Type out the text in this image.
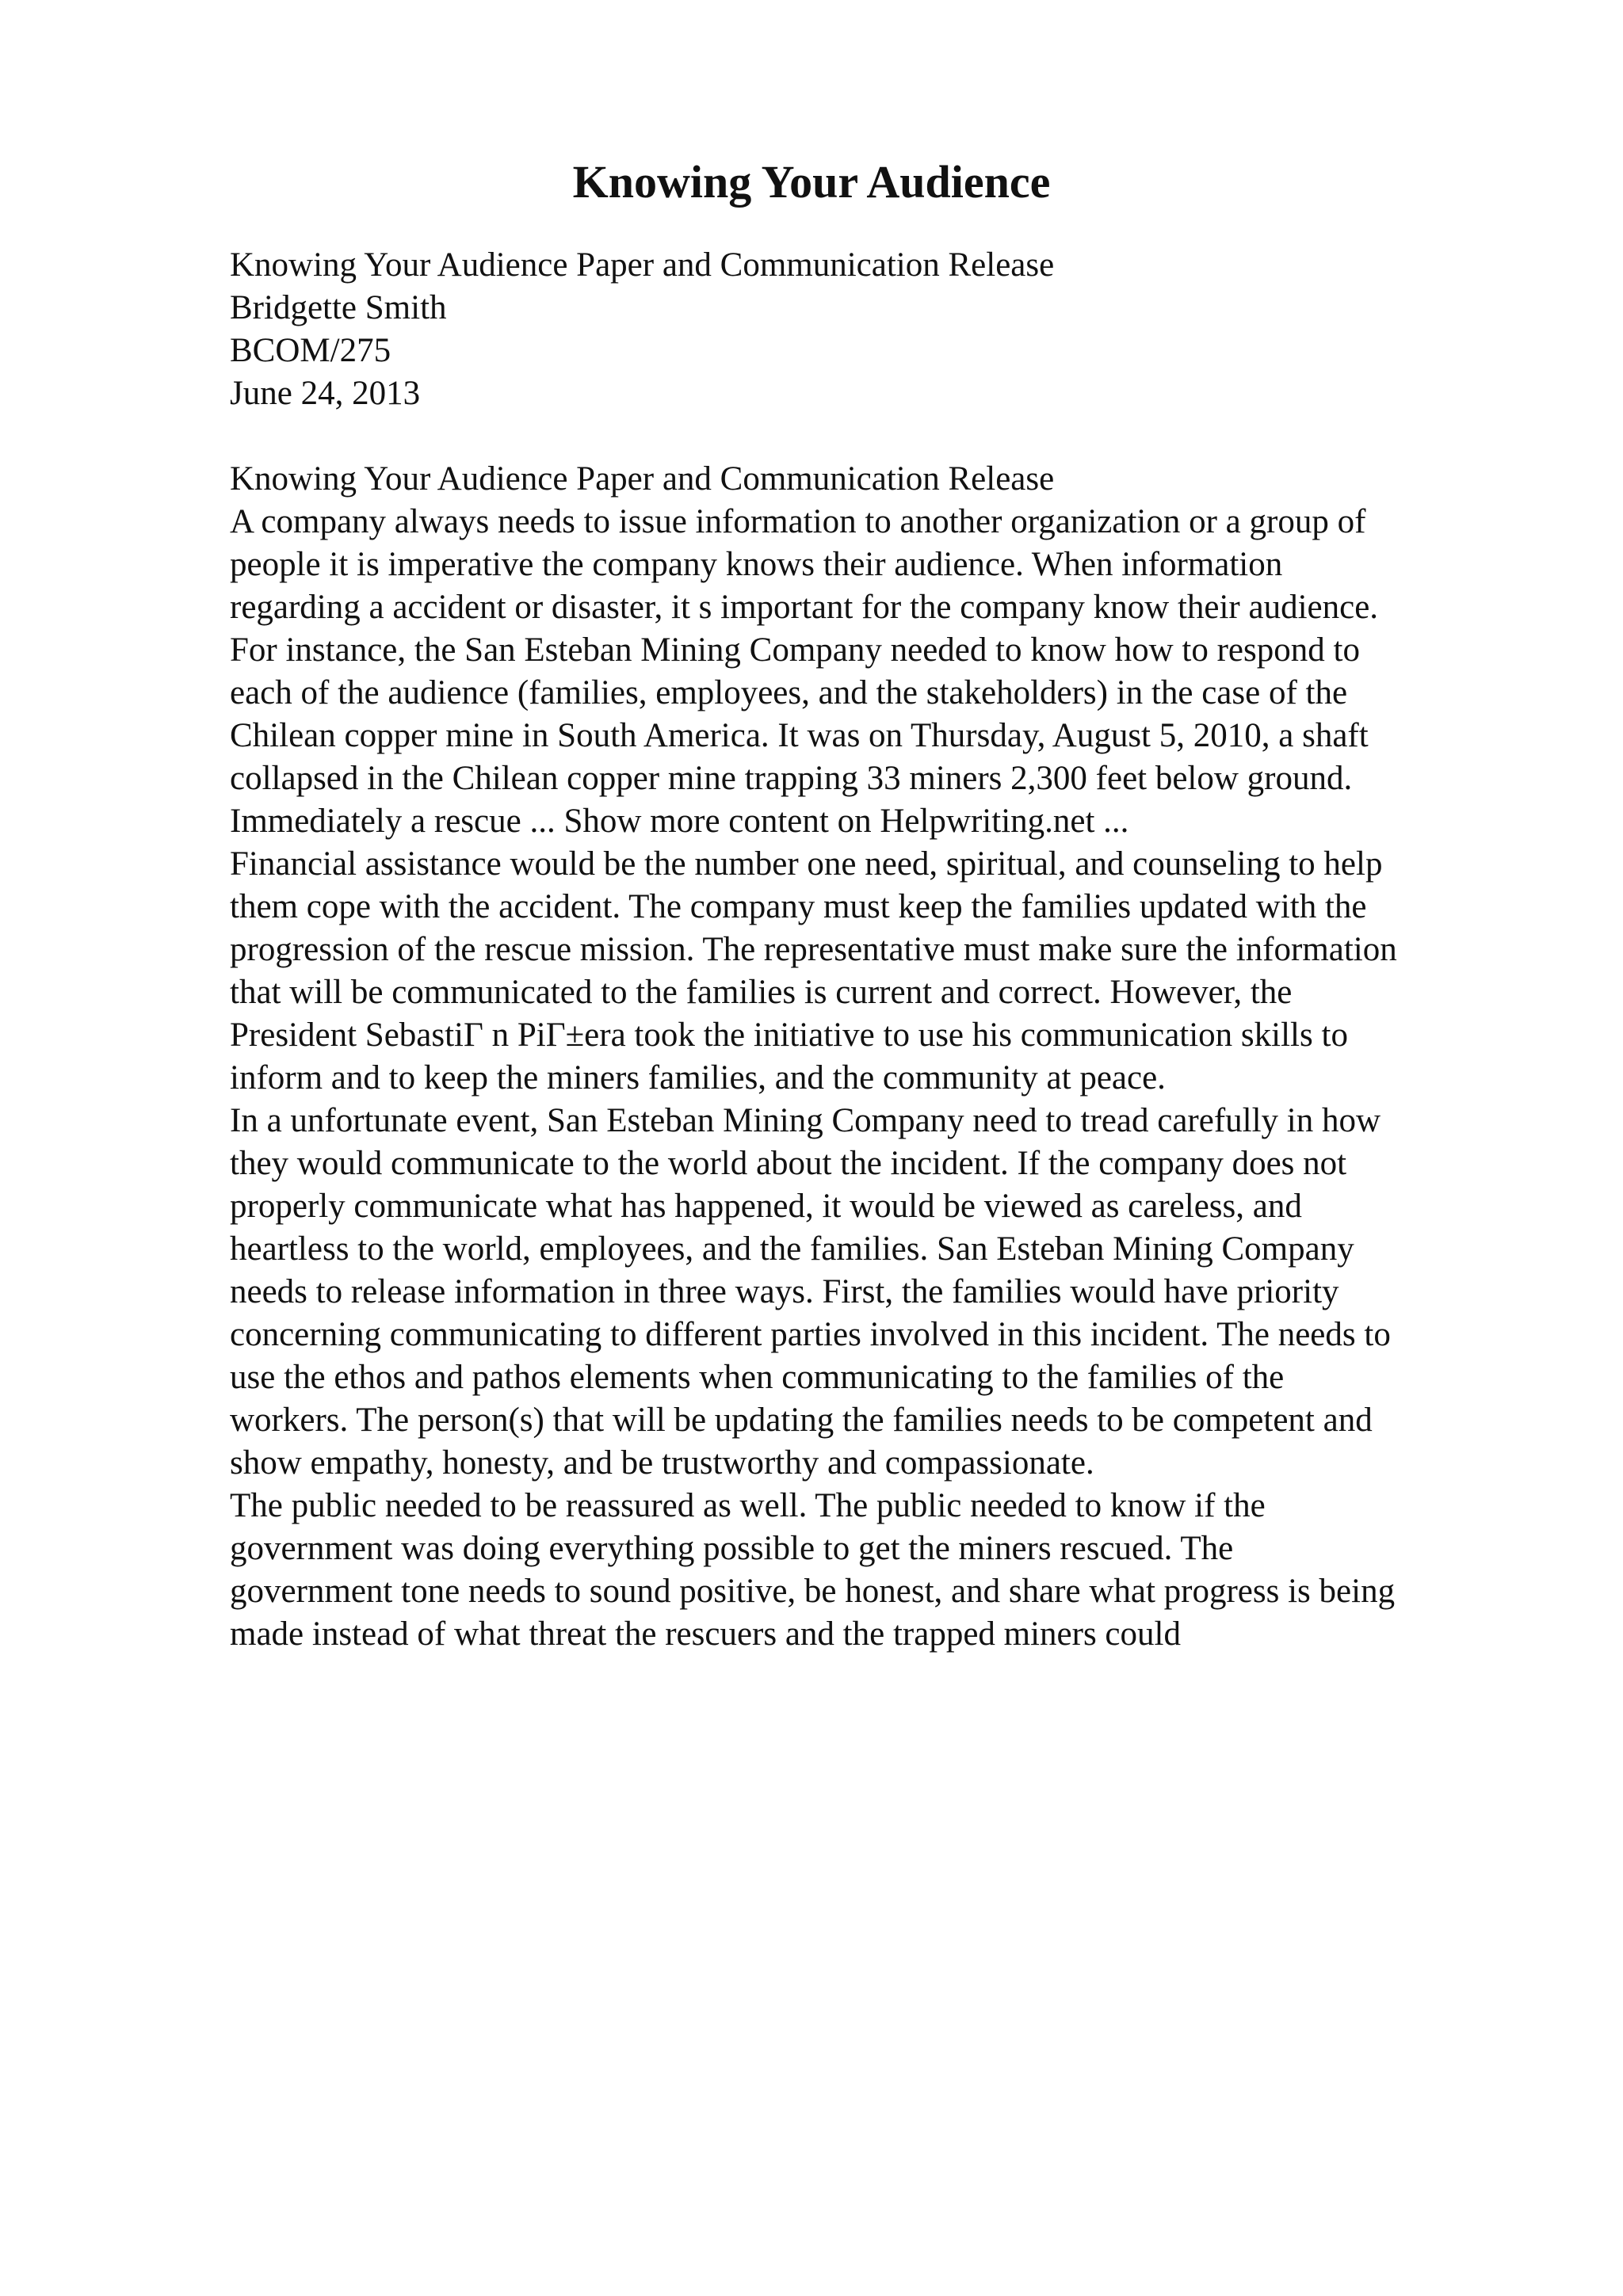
Knowing Your Audience
Knowing Your Audience Paper and Communication Release
Bridgette Smith
BCOM/275
June 24, 2013
Knowing Your Audience Paper and Communication Release
A company always needs to issue information to another organization or a group of
people it is imperative the company knows their audience. When information
regarding a accident or disaster, it s important for the company know their audience.
For instance, the San Esteban Mining Company needed to know how to respond to
each of the audience (families, employees, and the stakeholders) in the case of the
Chilean copper mine in South America. It was on Thursday, August 5, 2010, a shaft
collapsed in the Chilean copper mine trapping 33 miners 2,300 feet below ground.
Immediately a rescue ... Show more content on Helpwriting.net ...
Financial assistance would be the number one need, spiritual, and counseling to help
them cope with the accident. The company must keep the families updated with the
progression of the rescue mission. The representative must make sure the information
that will be communicated to the families is current and correct. However, the
President SebastiΓ n PiΓ±era took the initiative to use his communication skills to
inform and to keep the miners families, and the community at peace.
In a unfortunate event, San Esteban Mining Company need to tread carefully in how
they would communicate to the world about the incident. If the company does not
properly communicate what has happened, it would be viewed as careless, and
heartless to the world, employees, and the families. San Esteban Mining Company
needs to release information in three ways. First, the families would have priority
concerning communicating to different parties involved in this incident. The needs to
use the ethos and pathos elements when communicating to the families of the
workers. The person(s) that will be updating the families needs to be competent and
show empathy, honesty, and be trustworthy and compassionate.
The public needed to be reassured as well. The public needed to know if the
government was doing everything possible to get the miners rescued. The
government tone needs to sound positive, be honest, and share what progress is being
made instead of what threat the rescuers and the trapped miners could
